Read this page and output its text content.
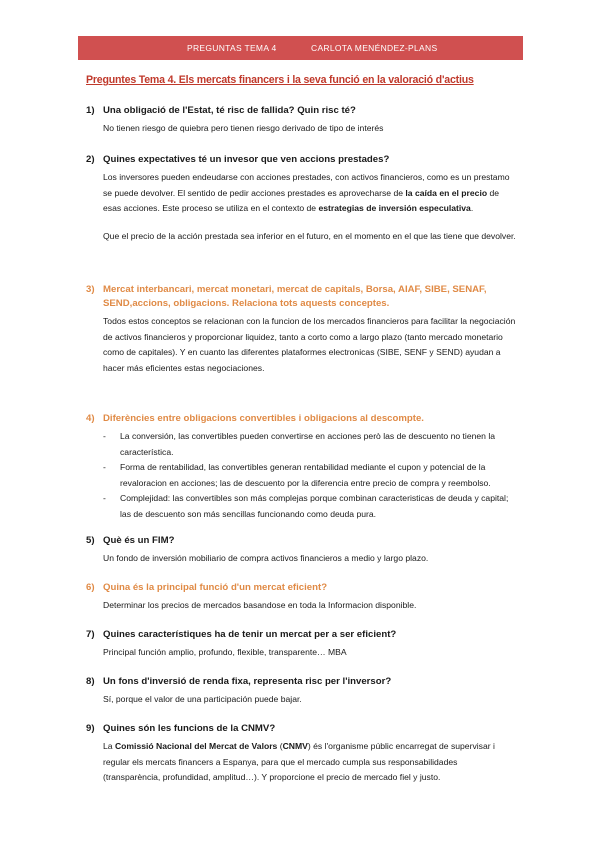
PREGUNTAS TEMA 4	CARLOTA MENÉNDEZ-PLANS
Preguntes Tema 4. Els mercats financers i la seva funció en la valoració d'actius
1) Una obligació de l'Estat, té risc de fallida? Quin risc té?
No tienen riesgo de quiebra pero tienen riesgo derivado de tipo de interés
2) Quines expectatives té un invesor que ven accions prestades?

Los inversores pueden endeudarse con acciones prestades, con activos financieros, como es un prestamo se puede devolver. El sentido de pedir acciones prestades es aprovecharse de la caída en el precio de esas acciones. Este proceso se utiliza en el contexto de estrategias de inversión especulativa.

Que el precio de la acción prestada sea inferior en el futuro, en el momento en el que las tiene que devolver.

3) Mercat interbancari, mercat monetari, mercat de capitals, Borsa, AIAF, SIBE, SENAF, SEND,accions, obligacions. Relaciona tots aquests conceptes.
Todos estos conceptos se relacionan con la funcion de los mercados financieros para facilitar la negociación de activos financieros y proporcionar liquidez, tanto a corto como a largo plazo (tanto mercado monetario como de capitales). Y en cuanto las diferentes plataformes electronicas (SIBE, SENF y SEND) ayudan a hacer más eficientes estas negociaciones.
4) Diferències entre obligacions convertibles i obligacions al descompte.
- La conversión, las convertibles pueden convertirse en acciones però las de descuento no tienen la característica.
- Forma de rentabilidad, las convertibles generan rentabilidad mediante el cupon y potencial de la revaloracion en acciones; las de descuento por la diferencia entre precio de compra y reembolso.
- Complejidad: las convertibles son más complejas porque combinan caracteristicas de deuda y capital; las de descuento son más sencillas funcionando como deuda pura.
5) Què és un FIM?
Un fondo de inversión mobiliario de compra activos financieros a medio y largo plazo.
6) Quina és la principal funció d'un mercat eficient?
Determinar los precios de mercados basandose en toda la Informacion disponible.
7) Quines característiques ha de tenir un mercat per a ser eficient?
Principal función amplio, profundo, flexible, transparente… MBA
8) Un fons d'inversió de renda fixa, representa risc per l'inversor?
Sí, porque el valor de una participación puede bajar.
9) Quines són les funcions de la CNMV?
La Comissió Nacional del Mercat de Valors (CNMV) és l'organisme públic encarregat de supervisar i regular els mercats financers a Espanya, para que el mercado cumpla sus responsabilidades (transparència, profundidad, amplitud…). Y proporcione el precio de mercado fiel y justo.
